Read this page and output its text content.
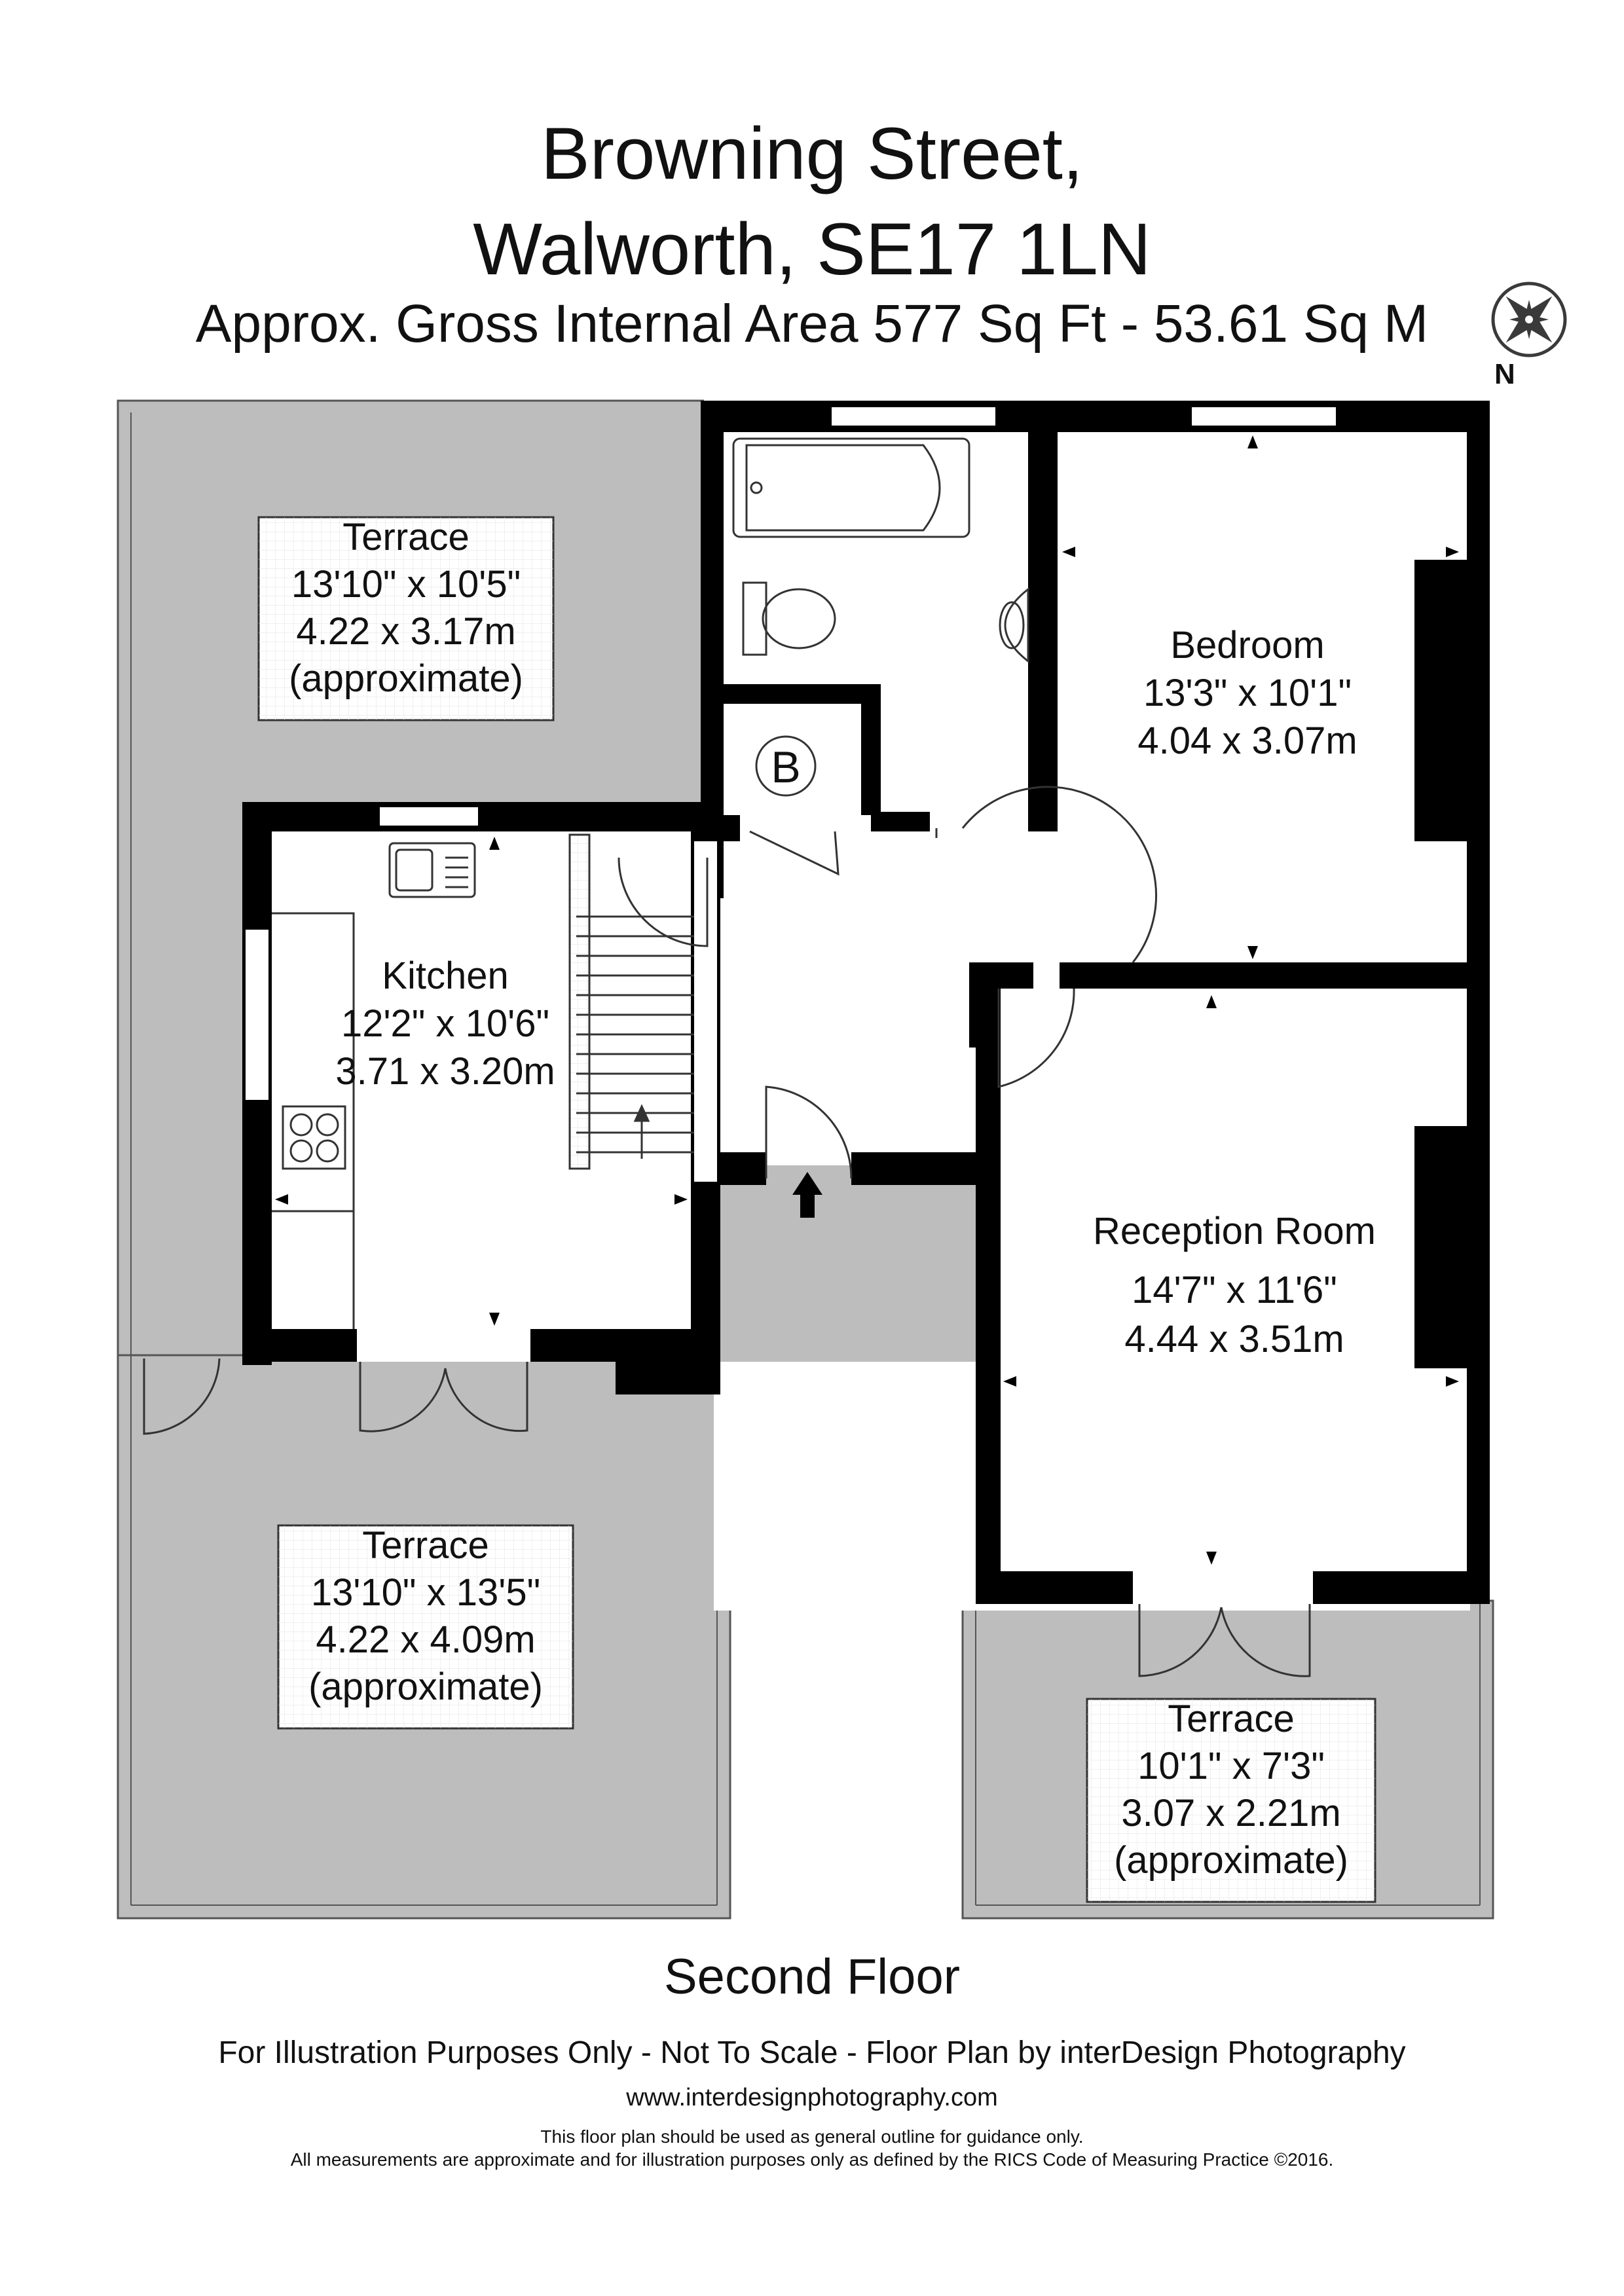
Browning Street,
Walworth, SE17 1LN
Approx. Gross Internal Area 577 Sq Ft - 53.61 Sq M
N
B
Terrace
13'10" x 10'5"
4.22 x 3.17m
(approximate)
Bedroom
13'3" x 10'1"
4.04 x 3.07m
Kitchen
12'2" x 10'6"
3.71 x 3.20m
Reception Room
14'7" x 11'6"
4.44 x 3.51m
Terrace
13'10" x 13'5"
4.22 x 4.09m
(approximate)
Terrace
10'1" x 7'3"
3.07 x 2.21m
(approximate)
Second Floor
For Illustration Purposes Only - Not To Scale - Floor Plan by interDesign Photography
www.interdesignphotography.com
This floor plan should be used as general outline for guidance only.
All measurements are approximate and for illustration purposes only as defined by the RICS Code of Measuring Practice ©2016.
